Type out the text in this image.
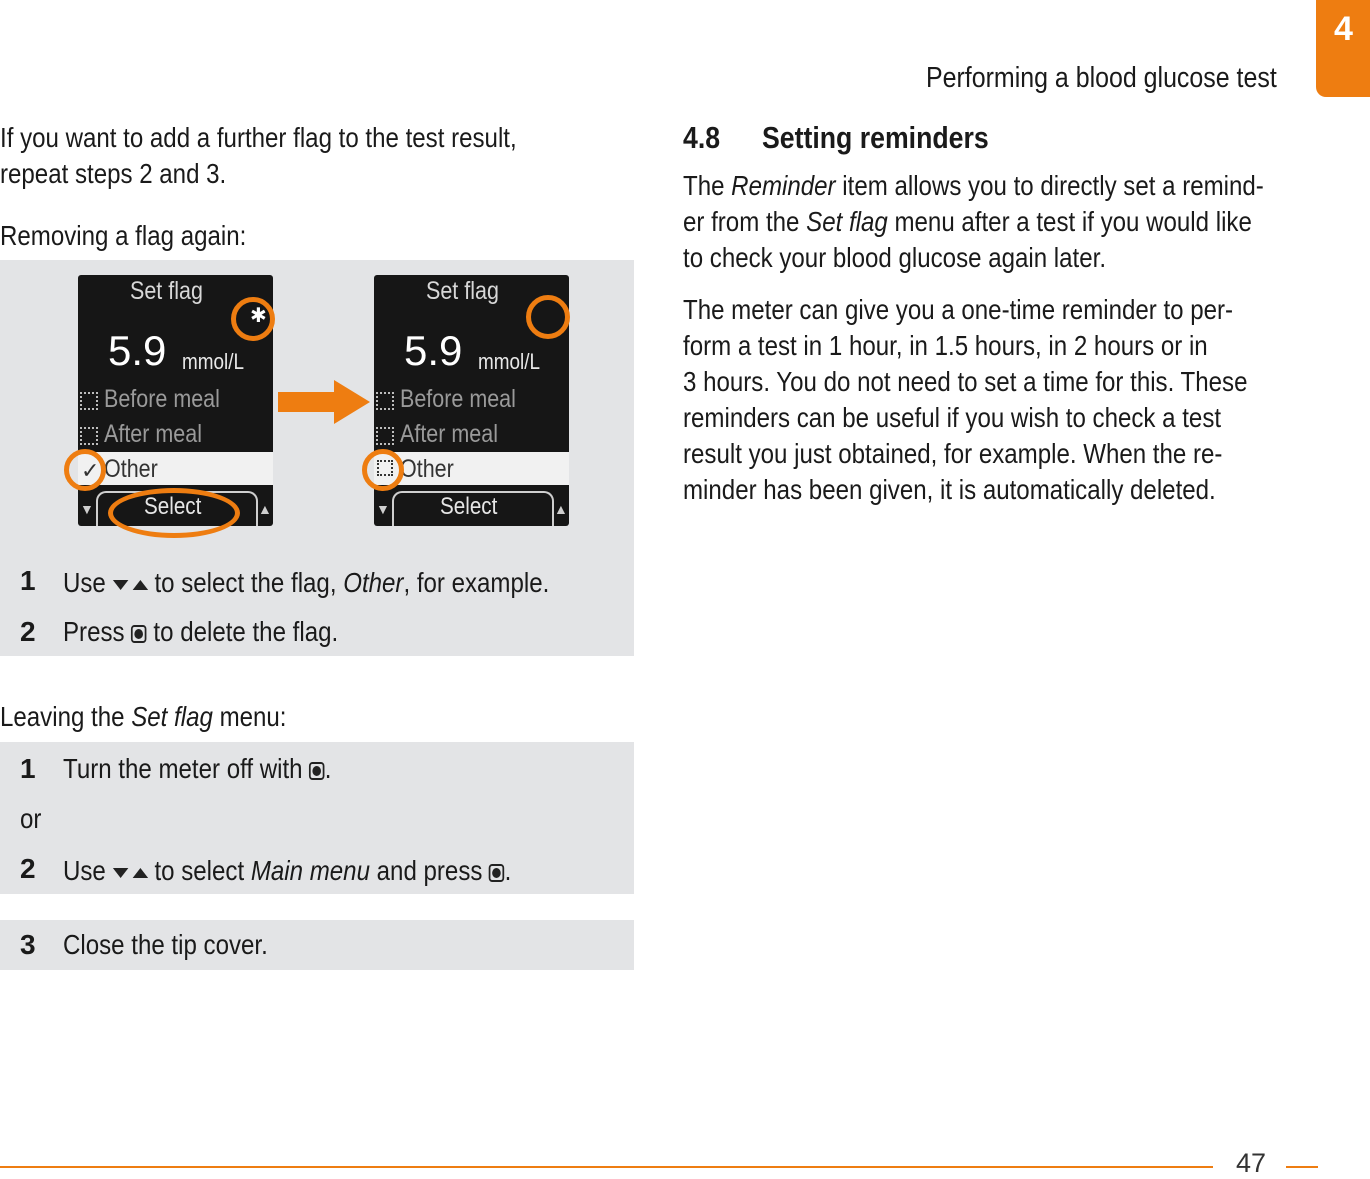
Performing a blood glucose test
4
If you want to add a further flag to the test result,
repeat steps 2 and 3.
Removing a flag again:
Set flag
5.9 mmol/L
Before meal
After meal
✓ Other
▼	Select	▲
✱
Set flag
5.9 mmol/L
Before meal
After meal
Other
▼	Select	▲
1 Use to select the flag, Other, for example.
2 Press to delete the flag.
Leaving the Set flag menu:
1 Turn the meter off with .
or
2 Use to select Main menu and press .
3 Close the tip cover.
4.8 Setting reminders
The Reminder item allows you to directly set a remind-
er from the Set flag menu after a test if you would like
to check your blood glucose again later.
The meter can give you a one-time reminder to per-
form a test in 1 hour, in 1.5 hours, in 2 hours or in
3 hours. You do not need to set a time for this. These
reminders can be useful if you wish to check a test
result you just obtained, for example. When the re-
minder has been given, it is automatically deleted.
47
